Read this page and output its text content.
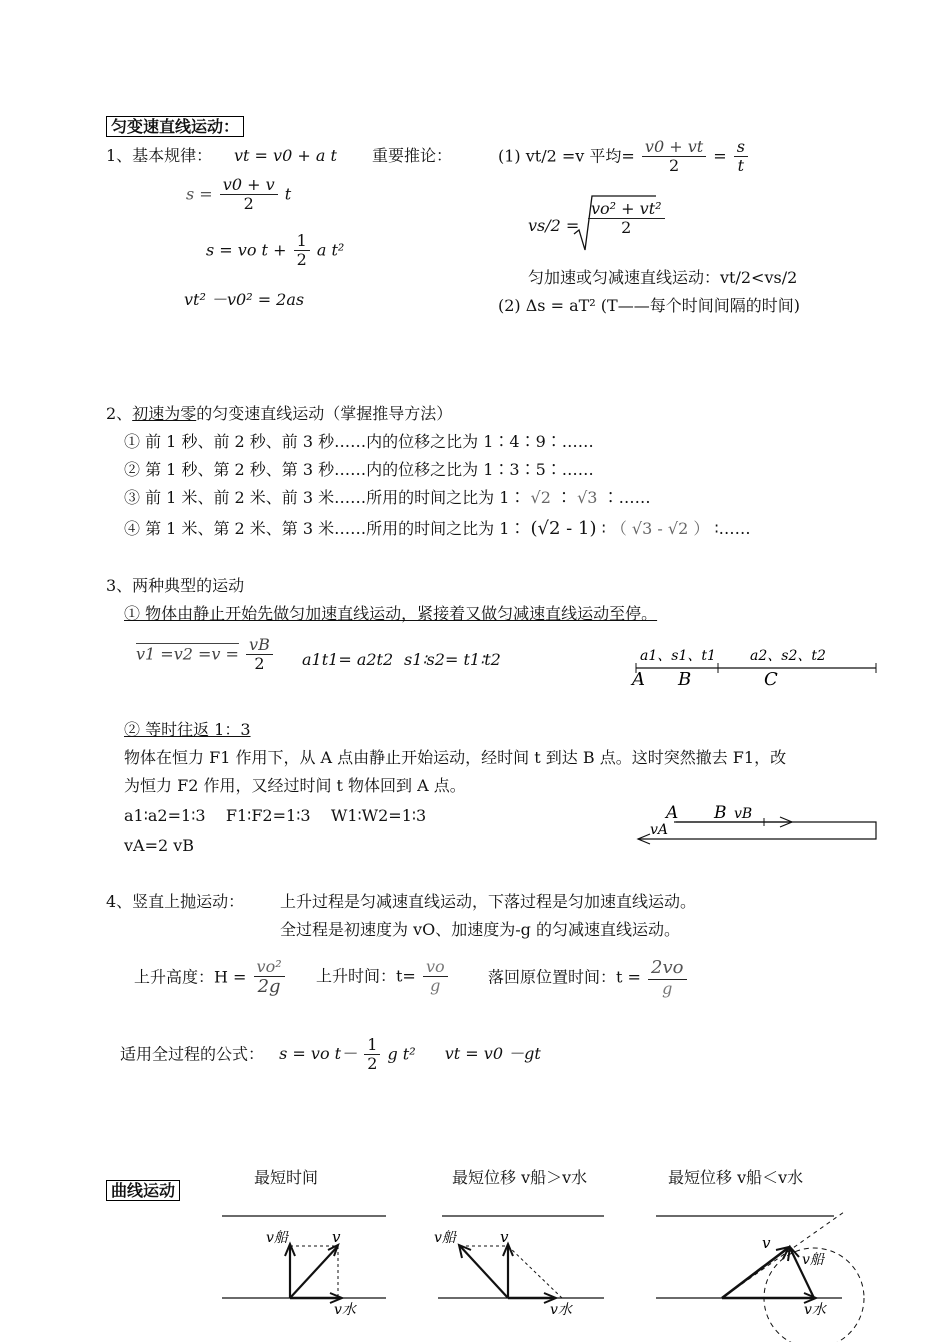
匀变速直线运动：
1、基本规律： vt = v0 + a t
$s = \frac{v0 + v}{2}$ t
s = vo $t + \frac{1}{2}$ a t²
vt² －v0² = 2as
重要推论：	(1) vt/2 =v 平均= $\frac{v0 + vt}{2} = \frac{s}{t}$
$vs/2 = \frac{\text{vo² + vt²}}{2}$
匀加速或匀减速直线运动：vt/2<vs/2
(2) Δs = aT² (T——每个时间间隔的时间)
2、初速为零的匀变速直线运动（掌握推导方法）
① 前 1 秒、前 2 秒、前 3 秒……内的位移之比为 1∶4∶9∶……
② 第 1 秒、第 2 秒、第 3 秒……内的位移之比为 1∶3∶5∶……
③ 前 1 米、前 2 米、前 3 米……所用的时间之比为 1∶ √2 ∶ √3 ∶……
④ 第 1 米、第 2 米、第 3 米……所用的时间之比为 1∶ (√2 - 1) ∶ （ √3 - √2 ） ∶……
3、两种典型的运动
① 物体由静止开始先做匀加速直线运动，紧接着又做匀减速直线运动至停。
$v1 =v2 =v = \frac{vB}{2} a1t1= a2t2$ s1∶s2= t1∶t2	a1、s1、t1 a2、s2、t2
A B	C
② 等时往返 1：3
物体在恒力 F1 作用下，从 A 点由静止开始运动，经时间 t 到达 B 点。这时突然撤去 F1，改
为恒力 F2 作用，又经过时间 t 物体回到 A 点。
a1∶a2=1∶3    F1∶F2=1∶3    W1∶W2=1∶3
vA=2 vB
A B vB
vA
4、竖直上抛运动： 上升过程是匀减速直线运动，下落过程是匀加速直线运动。
全过程是初速度为 vO、加速度为-g 的匀减速直线运动。
上升高度：$H = \frac{\text{vo²}}{2g}$ 上升时间：$t= \frac{vo}{g}$	落回原位置时间：$t = \frac{2vo}{g}$
适用全过程的公式： s = vo $t- \frac{1}{2}$ g t² vt = v0 －gt
曲线运动
最短时间	最短位移 v船＞v水	最短位移 v船＜v水
v船	v
v水
v船	v
v水
v
v船
v水
